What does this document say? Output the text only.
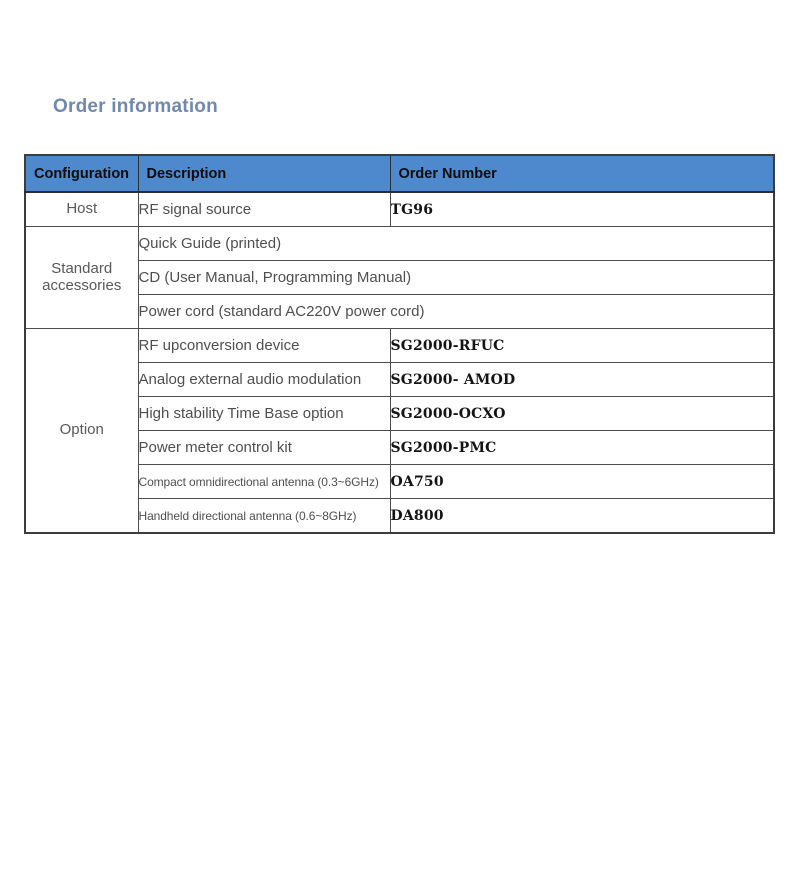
Order information
Configuration	Description	Order Number
Host	RF signal source	TG96
Standard accessories	Quick Guide (printed)	
	CD (User Manual, Programming Manual)	
	Power cord (standard AC220V power cord)	
Option	RF upconversion device	SG2000-RFUC
	Analog external audio modulation	SG2000- AMOD
	High stability Time Base option	SG2000-OCXO
	Power meter control kit	SG2000-PMC
	Compact omnidirectional antenna (0.3~6GHz)	OA750
	Handheld directional antenna (0.6~8GHz)	DA800
